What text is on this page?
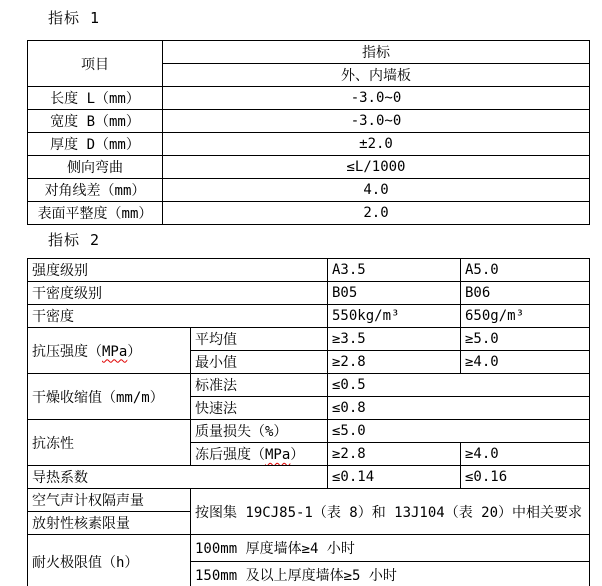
指标 1
项目	指标
	外、内墙板
长度 L（mm）	-3.0~0
宽度 B（mm）	-3.0~0
厚度 D（mm）	±2.0
侧向弯曲	≤L/1000
对角线差（mm）	4.0
表面平整度（mm）	2.0
指标 2
强度级别		A3.5	A5.0
干密度级别		B05	B06
干密度		550kg/m³	650g/m³
抗压强度（MPa）	平均值	≥3.5	≥5.0
	最小值	≥2.8	≥4.0
干燥收缩值（mm/m）	标准法	≤0.5	
	快速法	≤0.8	
抗冻性	质量损失（%）	≤5.0	
	冻后强度（MPa）	≥2.8	≥4.0
导热系数		≤0.14	≤0.16
空气声计权隔声量	按图集 19CJ85-1（表 8）和 13J104（表 20）中相关要求		
放射性核素限量			
耐火极限值（h）	100mm 厚度墙体≥4 小时		
	150mm 及以上厚度墙体≥5 小时		
